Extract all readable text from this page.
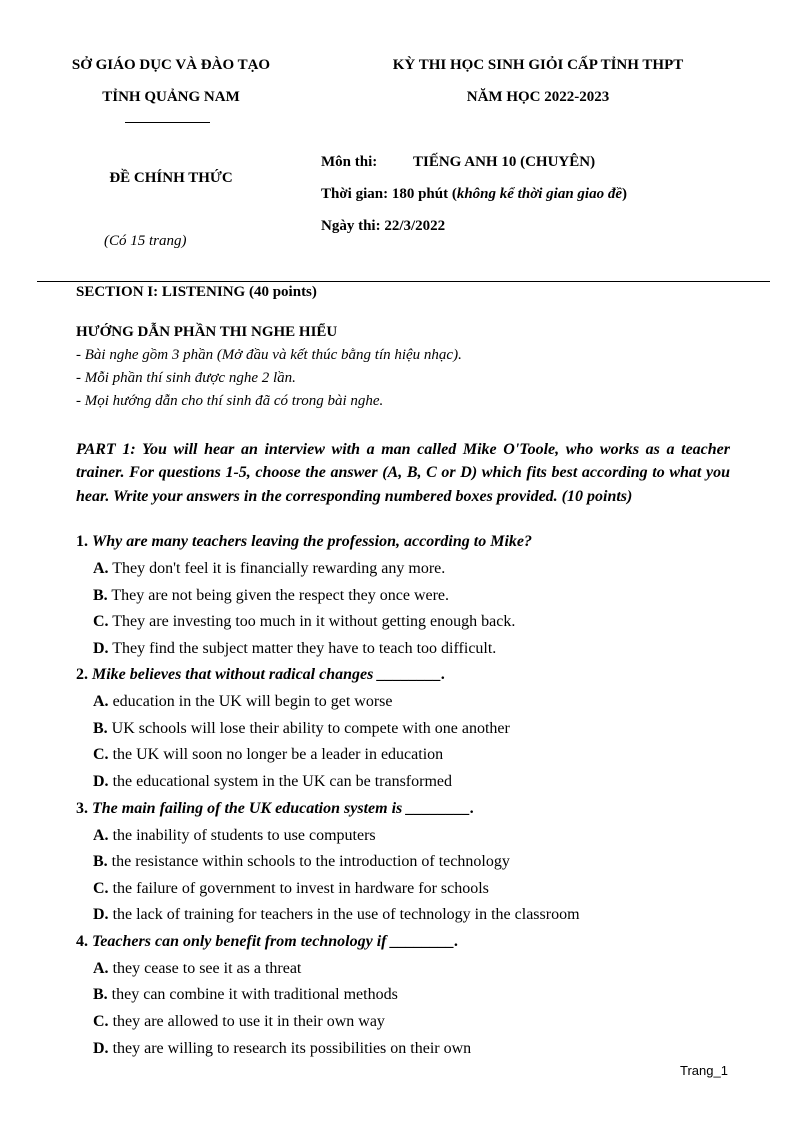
SỞ GIÁO DỤC VÀ ĐÀO TẠO
TỈNH QUẢNG NAM
KỲ THI HỌC SINH GIỎI CẤP TỈNH THPT
NĂM HỌC 2022-2023
ĐỀ CHÍNH THỨC
(Có 15 trang)
Môn thi: TIẾNG ANH 10 (CHUYÊN)
Thời gian: 180 phút (không kể thời gian giao đề)
Ngày thi: 22/3/2022
SECTION I: LISTENING (40 points)
HƯỚNG DẪN PHẦN THI NGHE HIỂU
- Bài nghe gồm 3 phần (Mở đầu và kết thúc bằng tín hiệu nhạc).
- Mỗi phần thí sinh được nghe 2 lần.
- Mọi hướng dẫn cho thí sinh đã có trong bài nghe.
PART 1: You will hear an interview with a man called Mike O'Toole, who works as a teacher trainer. For questions 1-5, choose the answer (A, B, C or D) which fits best according to what you hear. Write your answers in the corresponding numbered boxes provided. (10 points)
1. Why are many teachers leaving the profession, according to Mike?
A. They don't feel it is financially rewarding any more.
B. They are not being given the respect they once were.
C. They are investing too much in it without getting enough back.
D. They find the subject matter they have to teach too difficult.
2. Mike believes that without radical changes ________.
A. education in the UK will begin to get worse
B. UK schools will lose their ability to compete with one another
C. the UK will soon no longer be a leader in education
D. the educational system in the UK can be transformed
3. The main failing of the UK education system is ________.
A. the inability of students to use computers
B. the resistance within schools to the introduction of technology
C. the failure of government to invest in hardware for schools
D. the lack of training for teachers in the use of technology in the classroom
4. Teachers can only benefit from technology if ________.
A. they cease to see it as a threat
B. they can combine it with traditional methods
C. they are allowed to use it in their own way
D. they are willing to research its possibilities on their own
Trang_1
